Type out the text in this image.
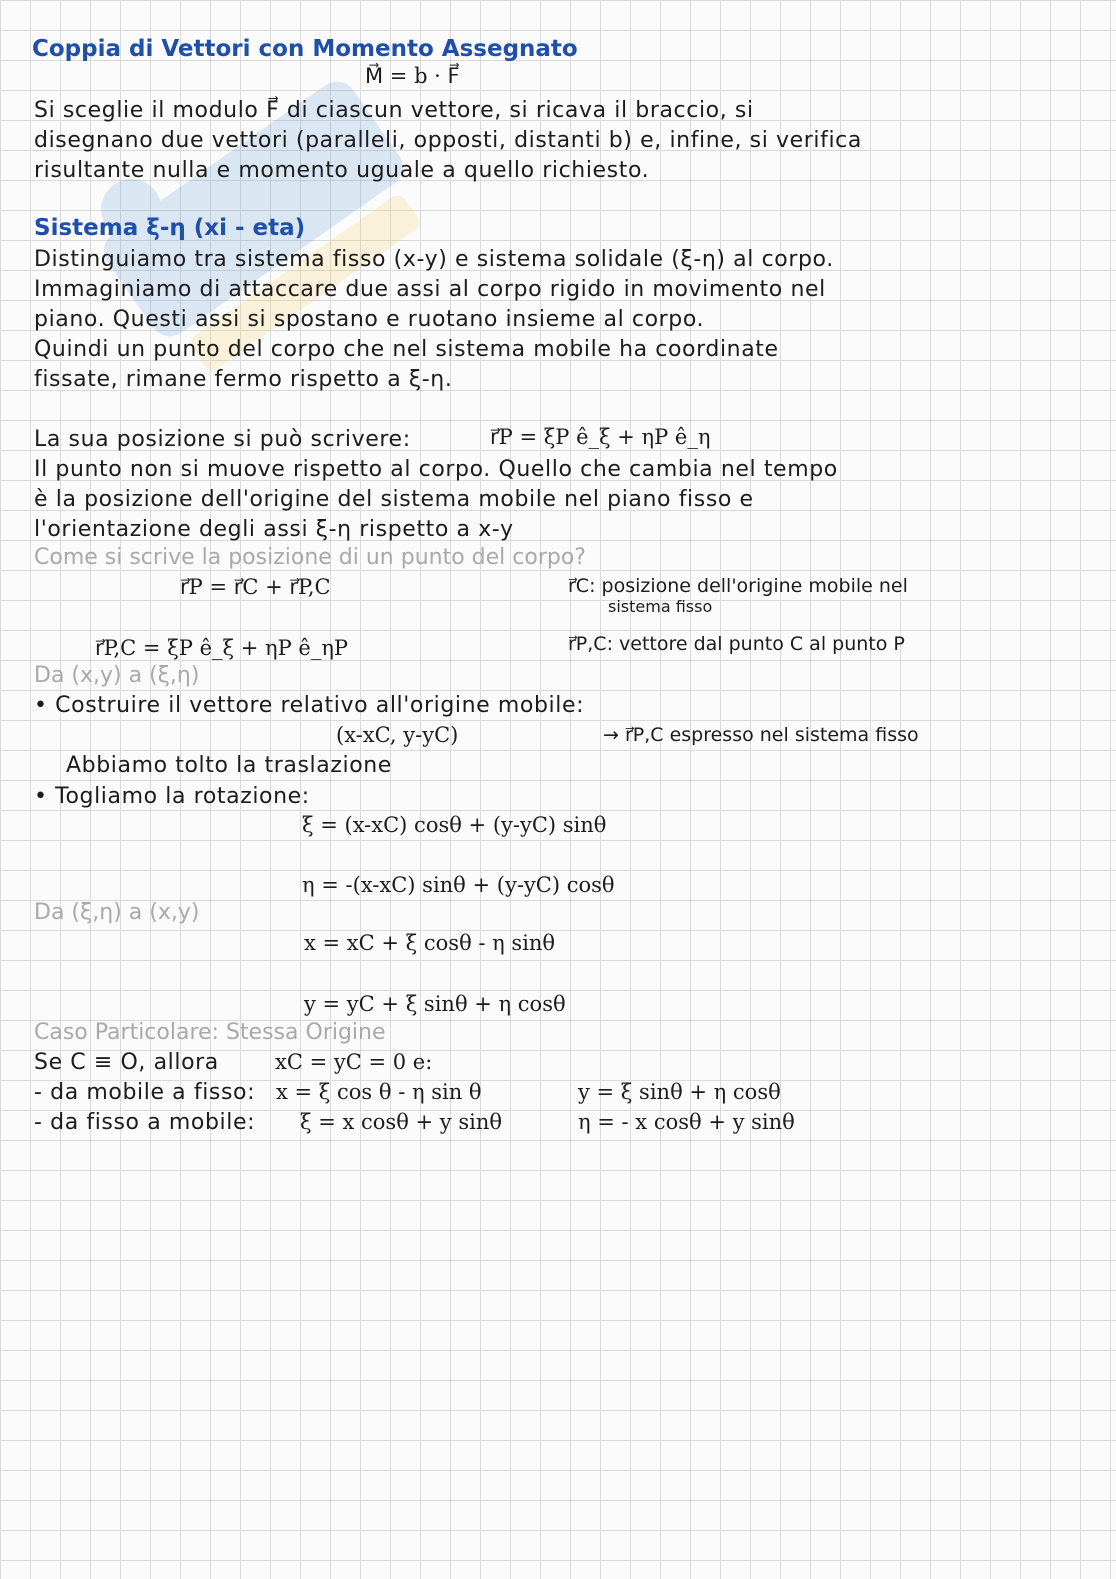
Coppia di Vettori con Momento Assegnato
M⃗ = b · F⃗
Si sceglie il modulo F⃗ di ciascun vettore, si ricava il braccio, si
disegnano due vettori (paralleli, opposti, distanti b) e, infine, si verifica
risultante nulla e momento uguale a quello richiesto.
Sistema ξ-η (xi - eta)
Distinguiamo tra sistema fisso (x-y) e sistema solidale (ξ-η) al corpo.
Immaginiamo di attaccare due assi al corpo rigido in movimento nel
piano. Questi assi si spostano e ruotano insieme al corpo.
Quindi un punto del corpo che nel sistema mobile ha coordinate
fissate, rimane fermo rispetto a ξ-η.
La sua posizione si può scrivere:	r⃗P = ξP ê_ξ + ηP ê_η
Il punto non si muove rispetto al corpo. Quello che cambia nel tempo
è la posizione dell'origine del sistema mobile nel piano fisso e
l'orientazione degli assi ξ-η rispetto a x-y
Come si scrive la posizione di un punto del corpo?
r⃗P = r⃗C + r⃗P,C	r⃗C: posizione dell'origine mobile nel
sistema fisso
r⃗P,C = ξP ê_ξ + ηP ê_ηP	r⃗P,C: vettore dal punto C al punto P
Da (x,y) a (ξ,η)
• Costruire il vettore relativo all'origine mobile:
(x-xC, y-yC)	→ r⃗P,C espresso nel sistema fisso
Abbiamo tolto la traslazione
• Togliamo la rotazione:
ξ = (x-xC) cosθ + (y-yC) sinθ
η = -(x-xC) sinθ + (y-yC) cosθ
Da (ξ,η) a (x,y)
x = xC + ξ cosθ - η sinθ
y = yC + ξ sinθ + η cosθ
Caso Particolare: Stessa Origine
Se C ≡ O, allora	xC = yC = 0 e:
- da mobile a fisso: x = ξ cos θ - η sin θ	y = ξ sinθ + η cosθ
- da fisso a mobile: ξ = x cosθ + y sinθ	η = - x cosθ + y sinθ
